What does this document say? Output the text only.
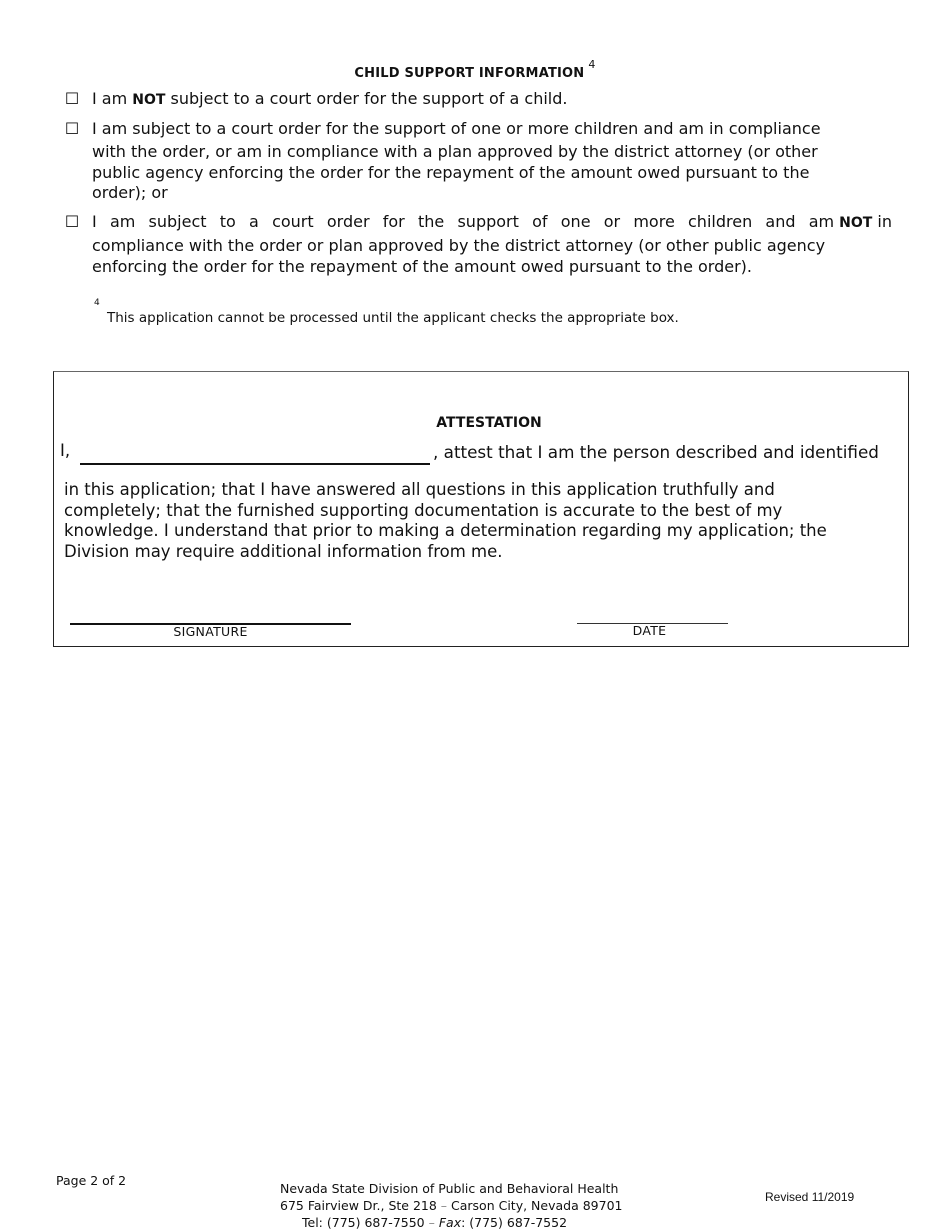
CHILD SUPPORT INFORMATION$^4$
☐ I am NOT subject to a court order for the support of a child.
☐ I am subject to a court order for the support of one or more children and am in compliance
with the order, or am in compliance with a plan approved by the district attorney (or other
public agency enforcing the order for the repayment of the amount owed pursuant to the
order); or
☐ I am subject to a court order for the support of one or more children and am NOT in
compliance with the order or plan approved by the district attorney (or other public agency
enforcing the order for the repayment of the amount owed pursuant to the order).
4
This application cannot be processed until the applicant checks the appropriate box.
ATTESTATION
I,	, attest that I am the person described and identified
in this application; that I have answered all questions in this application truthfully and
completely; that the furnished supporting documentation is accurate to the best of my
knowledge. I understand that prior to making a determination regarding my application; the
Division may require additional information from me.
SIGNATURE	DATE
Page 2 of 2
Nevada State Division of Public and Behavioral Health
675 Fairview Dr., Ste 218 – Carson City, Nevada 89701
Tel: (775) 687-7550 – Fax: (775) 687-7552
Revised 11/2019
